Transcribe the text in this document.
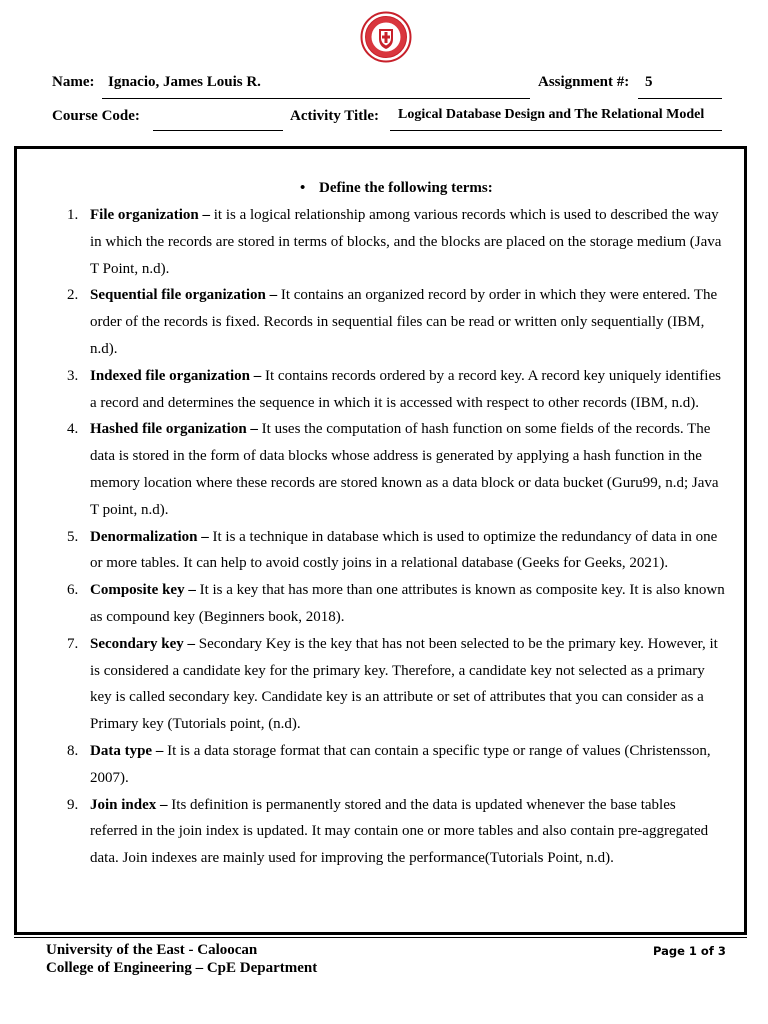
Name: Ignacio, James Louis R.	Assignment #: 5
Course Code:	Activity Title: Logical Database Design and The Relational Model
• Define the following terms:
1. File organization – it is a logical relationship among various records which is used to described the way in which the records are stored in terms of blocks, and the blocks are placed on the storage medium (Java T Point, n.d).
2. Sequential file organization – It contains an organized record by order in which they were entered. The order of the records is fixed. Records in sequential files can be read or written only sequentially (IBM, n.d).
3. Indexed file organization – It contains records ordered by a record key. A record key uniquely identifies a record and determines the sequence in which it is accessed with respect to other records (IBM, n.d).
4. Hashed file organization – It uses the computation of hash function on some fields of the records. The data is stored in the form of data blocks whose address is generated by applying a hash function in the memory location where these records are stored known as a data block or data bucket (Guru99, n.d; Java T point, n.d).
5. Denormalization – It is a technique in database which is used to optimize the redundancy of data in one or more tables. It can help to avoid costly joins in a relational database (Geeks for Geeks, 2021).
6. Composite key – It is a key that has more than one attributes is known as composite key. It is also known as compound key (Beginners book, 2018).
7. Secondary key – Secondary Key is the key that has not been selected to be the primary key. However, it is considered a candidate key for the primary key. Therefore, a candidate key not selected as a primary key is called secondary key. Candidate key is an attribute or set of attributes that you can consider as a Primary key (Tutorials point, (n.d).
8. Data type – It is a data storage format that can contain a specific type or range of values (Christensson, 2007).
9. Join index – Its definition is permanently stored and the data is updated whenever the base tables referred in the join index is updated. It may contain one or more tables and also contain pre-aggregated data. Join indexes are mainly used for improving the performance(Tutorials Point, n.d).
University of the East - Caloocan
College of Engineering – CpE Department
Page 1 of 3
